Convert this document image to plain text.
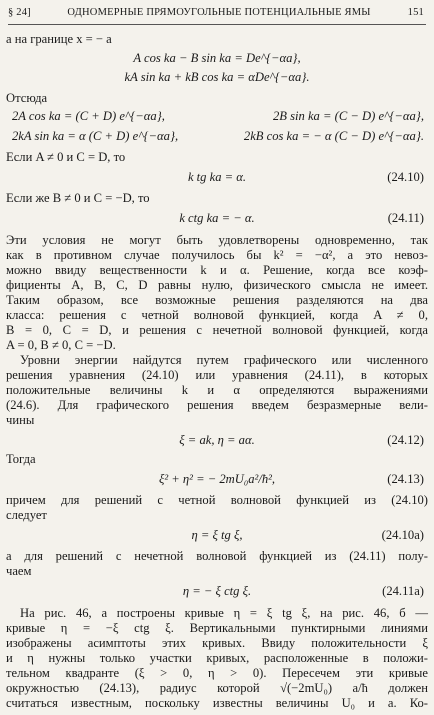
§ 24]	ОДНОМЕРНЫЕ ПРЯМОУГОЛЬНЫЕ ПОТЕНЦИАЛЬНЫЕ ЯМЫ	151
а на границе x = − a
A cos ka − B sin ka = De^{−αa},
kA sin ka + kB cos ka = αDe^{−αa}.
Отсюда
2A cos ka = (C + D) e^{−αa},	2B sin ka = (C − D) e^{−αa},
2kA sin ka = α (C + D) e^{−αa},	2kB cos ka = − α (C − D) e^{−αa}.
Если A ≠ 0 и C = D, то
k tg ka = α.	(24.10)
Если же B ≠ 0 и C = −D, то
k ctg ka = − α.	(24.11)
Эти условия не могут быть удовлетворены одновременно, так
как в противном случае получилось бы k² = −α², а это невоз-
можно ввиду вещественности k и α. Решение, когда все коэф-
фициенты A, B, C, D равны нулю, физического смысла не имеет.
Таким образом, все возможные решения разделяются на два
класса: решения с четной волновой функцией, когда A ≠ 0,
B = 0, C = D, и решения с нечетной волновой функцией, когда
A = 0, B ≠ 0, C = −D.
Уровни энергии найдутся путем графического или численного
решения уравнения (24.10) или уравнения (24.11), в которых
положительные величины k и α определяются выражениями
(24.6). Для графического решения введем безразмерные вели-
чины
ξ = ak, η = aα.	(24.12)
Тогда
ξ² + η² = − 2mU₀a²/ħ²,	(24.13)
причем для решений с четной волновой функцией из (24.10)
следует
η = ξ tg ξ,	(24.10a)
а для решений с нечетной волновой функцией из (24.11) полу-
чаем
η = − ξ ctg ξ.	(24.11a)
На рис. 46, a построены кривые η = ξ tg ξ, на рис. 46, б —
кривые η = −ξ ctg ξ. Вертикальными пунктирными линиями
изображены асимптоты этих кривых. Ввиду положительности ξ
и η нужны только участки кривых, расположенные в положи-
тельном квадранте (ξ > 0, η > 0). Пересечем эти кривые
окружностью (24.13), радиус которой √(−2mU₀) a/ħ должен
считаться известным, поскольку известны величины U₀ и a. Ко-
